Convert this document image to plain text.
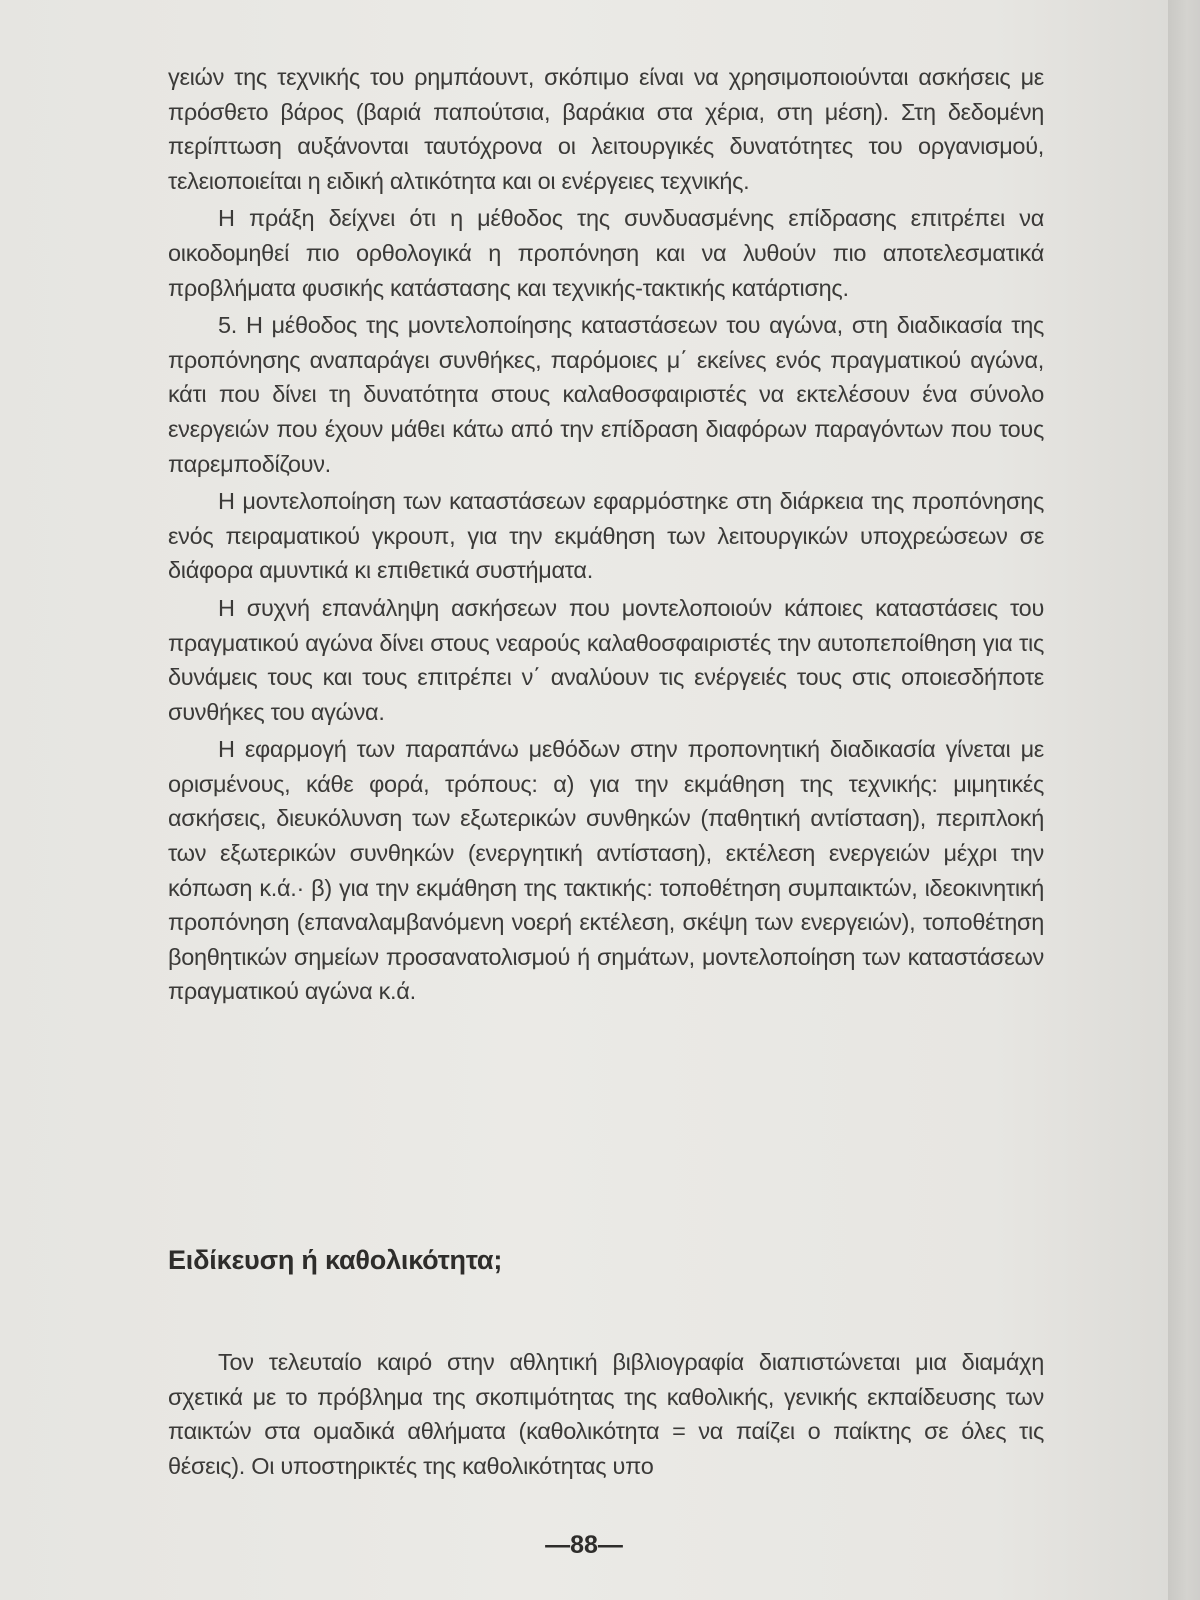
γειών της τεχνικής του ρημπάουντ, σκόπιμο είναι να χρησιμοποιούνται ασκήσεις με πρόσθετο βάρος (βαριά παπούτσια, βαράκια στα χέρια, στη μέση). Στη δεδομένη περίπτωση αυξάνονται ταυτόχρονα οι λειτουργικές δυνατότητες του οργανισμού, τελειοποιείται η ειδική αλτικότητα και οι ενέργειες τεχνικής.

Η πράξη δείχνει ότι η μέθοδος της συνδυασμένης επίδρασης επιτρέπει να οικοδομηθεί πιο ορθολογικά η προπόνηση και να λυθούν πιο αποτελεσματικά προβλήματα φυσικής κατάστασης και τεχνικής-τακτικής κατάρτισης.

5. Η μέθοδος της μοντελοποίησης καταστάσεων του αγώνα, στη διαδικασία της προπόνησης αναπαράγει συνθήκες, παρόμοιες μ΄ εκείνες ενός πραγματικού αγώνα, κάτι που δίνει τη δυνατότητα στους καλαθοσφαιριστές να εκτελέσουν ένα σύνολο ενεργειών που έχουν μάθει κάτω από την επίδραση διαφόρων παραγόντων που τους παρεμποδίζουν.

Η μοντελοποίηση των καταστάσεων εφαρμόστηκε στη διάρκεια της προπόνησης ενός πειραματικού γκρουπ, για την εκμάθηση των λειτουργικών υποχρεώσεων σε διάφορα αμυντικά κι επιθετικά συστήματα.

Η συχνή επανάληψη ασκήσεων που μοντελοποιούν κάποιες καταστάσεις του πραγματικού αγώνα δίνει στους νεαρούς καλαθοσφαιριστές την αυτοπεποίθηση για τις δυνάμεις τους και τους επιτρέπει ν΄ αναλύουν τις ενέργειές τους στις οποιεσδήποτε συνθήκες του αγώνα.

Η εφαρμογή των παραπάνω μεθόδων στην προπονητική διαδικασία γίνεται με ορισμένους, κάθε φορά, τρόπους: α) για την εκμάθηση της τεχνικής: μιμητικές ασκήσεις, διευκόλυνση των εξωτερικών συνθηκών (παθητική αντίσταση), περιπλοκή των εξωτερικών συνθηκών (ενεργητική αντίσταση), εκτέλεση ενεργειών μέχρι την κόπωση κ.ά.· β) για την εκμάθηση της τακτικής: τοποθέτηση συμπαικτών, ιδεοκινητική προπόνηση (επαναλαμβανόμενη νοερή εκτέλεση, σκέψη των ενεργειών), τοποθέτηση βοηθητικών σημείων προσανατολισμού ή σημάτων, μοντελοποίηση των καταστάσεων πραγματικού αγώνα κ.ά.

Ειδίκευση ή καθολικότητα;

Τον τελευταίο καιρό στην αθλητική βιβλιογραφία διαπιστώνεται μια διαμάχη σχετικά με το πρόβλημα της σκοπιμότητας της καθολικής, γενικής εκπαίδευσης των παικτών στα ομαδικά αθλήματα (καθολικότητα = να παίζει ο παίκτης σε όλες τις θέσεις). Οι υποστηρικτές της καθολικότητας υπο

—88—
